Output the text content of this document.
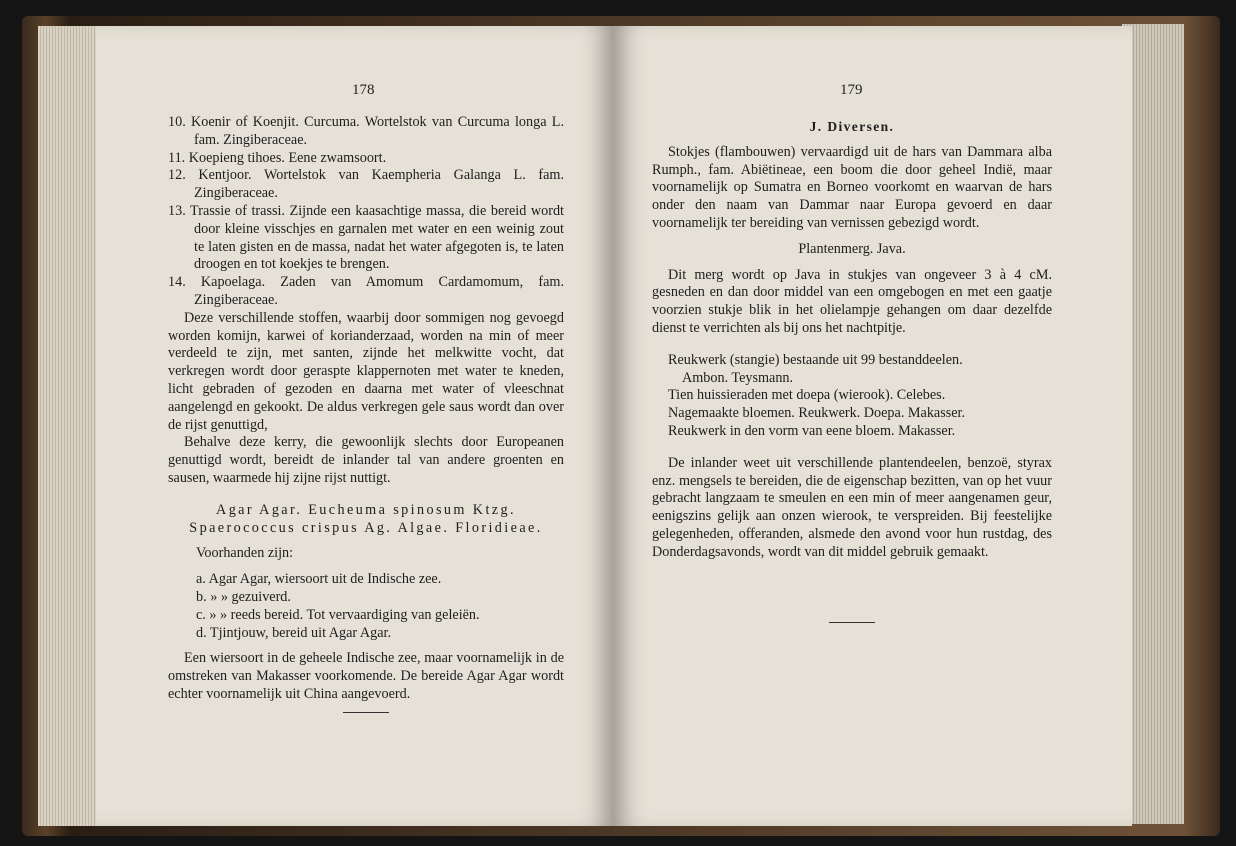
178

10. Koenir of Koenjit. Curcuma. Wortelstok van Curcuma longa L. fam. Zingiberaceae.

11. Koepieng tihoes. Eene zwamsoort.

12. Kentjoor. Wortelstok van Kaempheria Galanga L. fam. Zingiberaceae.

13. Trassie of trassi. Zijnde een kaasachtige massa, die bereid wordt door kleine visschjes en garnalen met water en een weinig zout te laten gisten en de massa, nadat het water afgegoten is, te laten droogen en tot koekjes te brengen.

14. Kapoelaga. Zaden van Amomum Cardamomum, fam. Zingiberaceae.

Deze verschillende stoffen, waarbij door sommigen nog gevoegd worden komijn, karwei of korianderzaad, worden na min of meer verdeeld te zijn, met santen, zijnde het melkwitte vocht, dat verkregen wordt door geraspte klappernoten met water te kneden, licht gebraden of gezoden en daarna met water of vleeschnat aangelengd en gekookt. De aldus verkregen gele saus wordt dan over de rijst genuttigd,

Behalve deze kerry, die gewoonlijk slechts door Europeanen genuttigd wordt, bereidt de inlander tal van andere groenten en sausen, waarmede hij zijne rijst nuttigt.

Agar Agar. Eucheuma spinosum Ktzg.

Spaerococcus crispus Ag. Algae. Floridieae.

Voorhanden zijn:

a. Agar Agar, wiersoort uit de Indische zee.

b. » » gezuiverd.

c. » » reeds bereid. Tot vervaardiging van geleiën.

d. Tjintjouw, bereid uit Agar Agar.

Een wiersoort in de geheele Indische zee, maar voornamelijk in de omstreken van Makasser voorkomende. De bereide Agar Agar wordt echter voornamelijk uit China aangevoerd.

179

J. Diversen.

Stokjes (flambouwen) vervaardigd uit de hars van Dammara alba Rumph., fam. Abiëtineae, een boom die door geheel Indië, maar voornamelijk op Sumatra en Borneo voorkomt en waarvan de hars onder den naam van Dammar naar Europa gevoerd en daar voornamelijk ter bereiding van vernissen gebezigd wordt.

Plantenmerg. Java.

Dit merg wordt op Java in stukjes van ongeveer 3 à 4 cM. gesneden en dan door middel van een omgebogen en met een gaatje voorzien stukje blik in het olielampje gehangen om daar dezelfde dienst te verrichten als bij ons het nachtpitje.

Reukwerk (stangie) bestaande uit 99 bestanddeelen.

Ambon. Teysmann.

Tien huissieraden met doepa (wierook). Celebes.

Nagemaakte bloemen. Reukwerk. Doepa. Makasser.

Reukwerk in den vorm van eene bloem. Makasser.

De inlander weet uit verschillende plantendeelen, benzoë, styrax enz. mengsels te bereiden, die de eigenschap bezitten, van op het vuur gebracht langzaam te smeulen en een min of meer aangenamen geur, eenigszins gelijk aan onzen wierook, te verspreiden. Bij feestelijke gelegenheden, offeranden, alsmede den avond voor hun rustdag, des Donderdagsavonds, wordt van dit middel gebruik gemaakt.
